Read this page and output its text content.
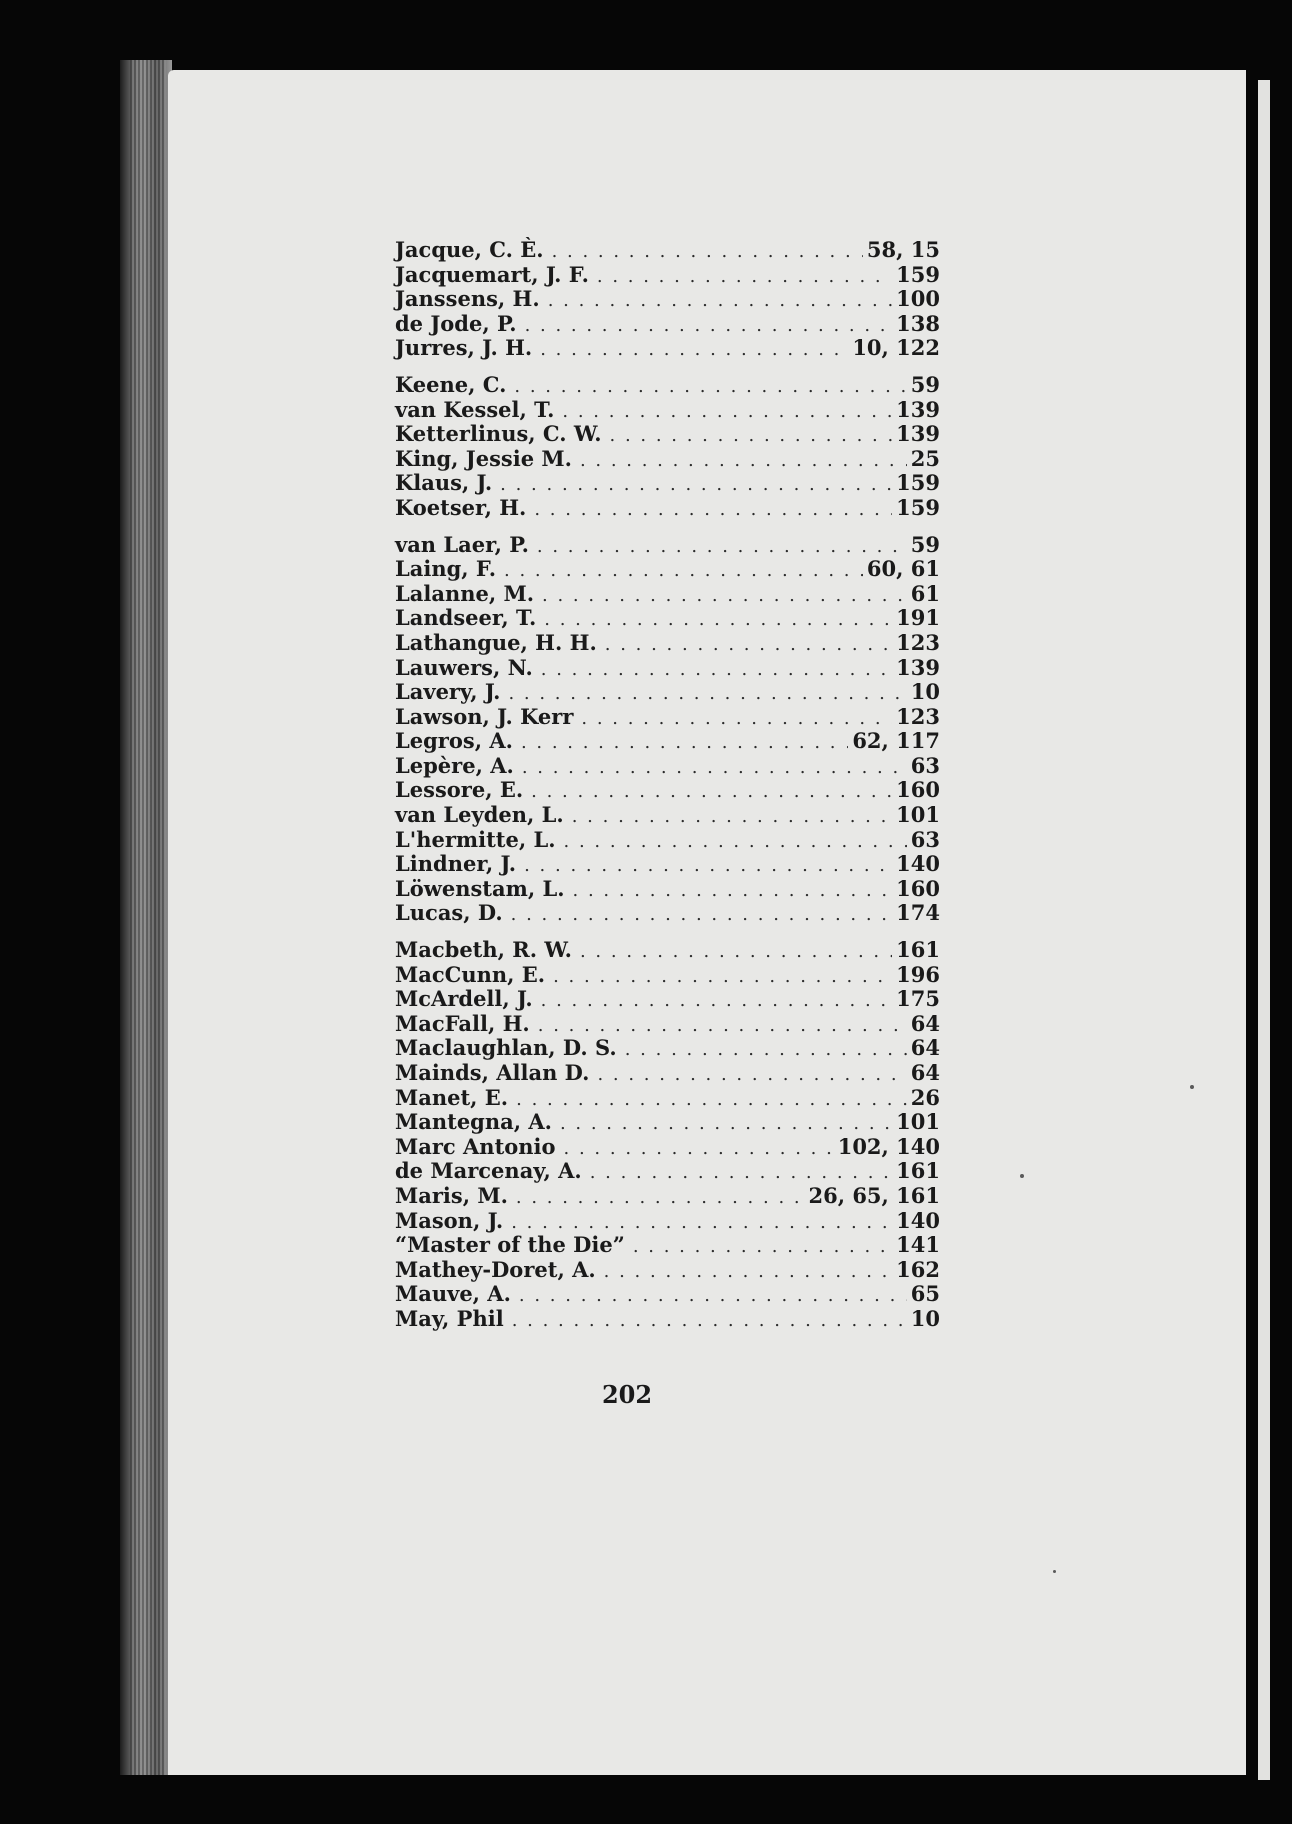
202
Jacque, C. È. . . .	58, 15
Jacquemart, J. F. . . .	159
Janssens, H. . . .	100
de Jode, P. . . .	138
Jurres, J. H. . . .	10, 122
Keene, C. . . .	59
van Kessel, T. . . .	139
Ketterlinus, C. W. . . .	139
King, Jessie M. . . .	25
Klaus, J. . . .	159
Koetser, H. . . .	159
van Laer, P. . . .	59
Laing, F. . . .	60, 61
Lalanne, M. . . .	61
Landseer, T. . . .	191
Lathangue, H. H. . . .	123
Lauwers, N. . . .	139
Lavery, J. . . .	10
Lawson, J. Kerr . . .	123
Legros, A. . . .	62, 117
Lepère, A. . . .	63
Lessore, E. . . .	160
van Leyden, L. . . .	101
L'hermitte, L. . . .	63
Lindner, J. . . .	140
Löwenstam, L. . . .	160
Lucas, D. . . .	174
Macbeth, R. W. . . .	161
MacCunn, E. . . .	196
McArdell, J. . . .	175
MacFall, H. . . .	64
Maclaughlan, D. S. . . .	64
Mainds, Allan D. . . .	64
Manet, E. . . .	26
Mantegna, A. . . .	101
Marc Antonio . . .	102, 140
de Marcenay, A. . . .	161
Maris, M. . . .	26, 65, 161
Mason, J. . . .	140
“Master of the Die” . . .	141
Mathey-Doret, A. . . .	162
Mauve, A. . . .	65
May, Phil . . .	10
